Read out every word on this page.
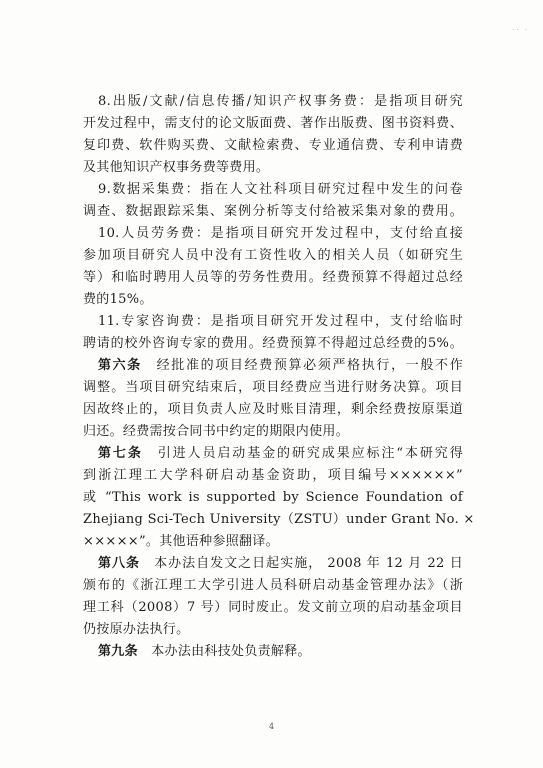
·· ·
8.出版/文献/信息传播/知识产权事务费：是指项目研究
开发过程中，需支付的论文版面费、著作出版费、图书资料费、
复印费、软件购买费、文献检索费、专业通信费、专利申请费
及其他知识产权事务费等费用。
9.数据采集费：指在人文社科项目研究过程中发生的问卷
调查、数据跟踪采集、案例分析等支付给被采集对象的费用。
10.人员劳务费：是指项目研究开发过程中，支付给直接
参加项目研究人员中没有工资性收入的相关人员（如研究生
等）和临时聘用人员等的劳务性费用。经费预算不得超过总经
费的15%。
11.专家咨询费：是指项目研究开发过程中，支付给临时
聘请的校外咨询专家的费用。经费预算不得超过总经费的5%。
第六条  经批准的项目经费预算必须严格执行，一般不作
调整。当项目研究结束后，项目经费应当进行财务决算。项目
因故终止的，项目负责人应及时账目清理，剩余经费按原渠道
归还。经费需按合同书中约定的期限内使用。
第七条  引进人员启动基金的研究成果应标注“本研究得
到浙江理工大学科研启动基金资助，项目编号××××××”
或 “This work is supported by Science Foundation of
Zhejiang Sci-Tech University（ZSTU）under Grant No. ×
×××××”。其他语种参照翻译。
第八条  本办法自发文之日起实施， 2008 年 12 月 22 日
颁布的《浙江理工大学引进人员科研启动基金管理办法》（浙
理工科（2008）7 号）同时废止。发文前立项的启动基金项目
仍按原办法执行。
第九条  本办法由科技处负责解释。
4
